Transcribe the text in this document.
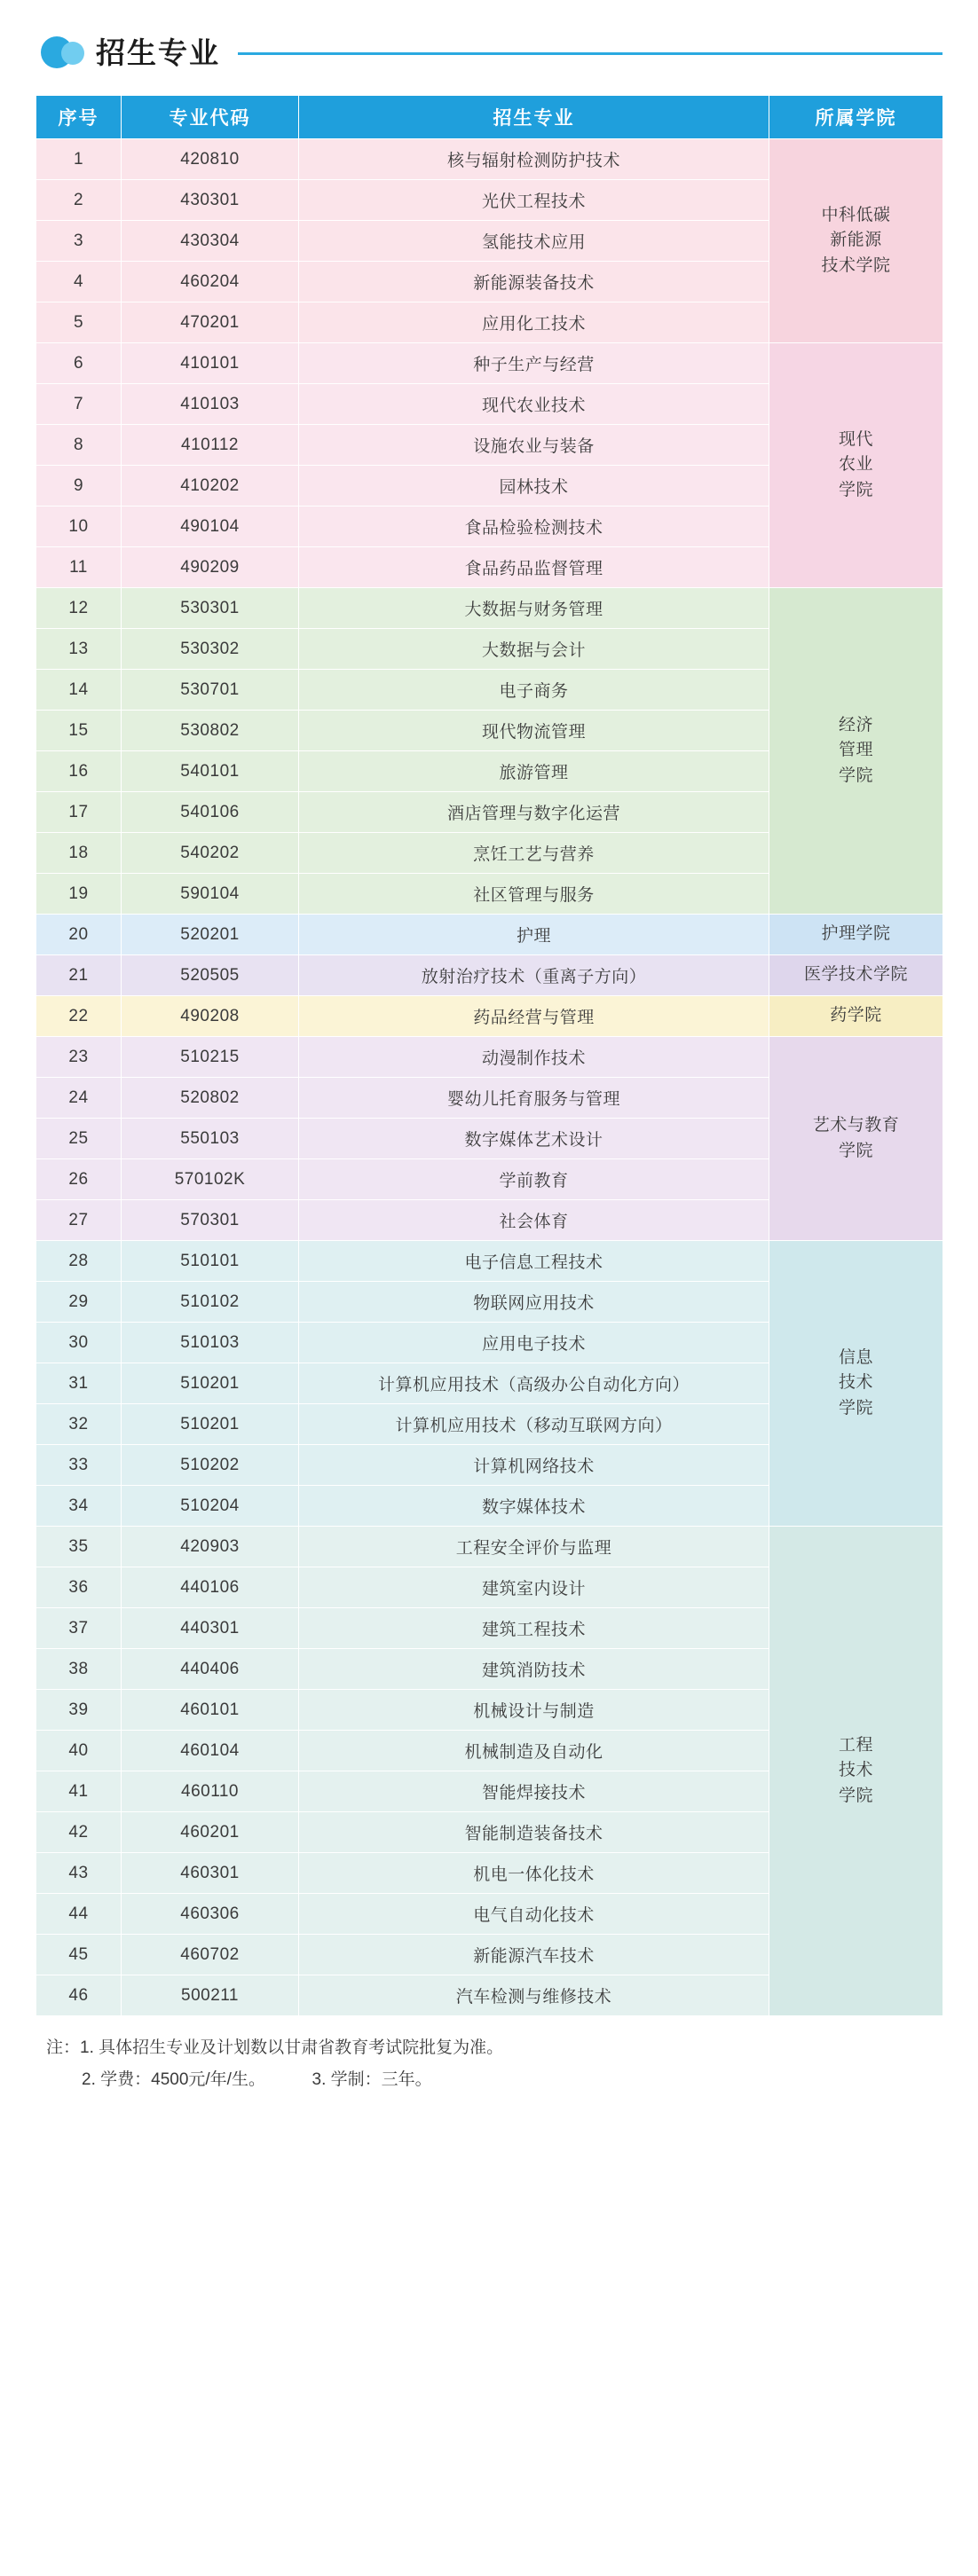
招生专业
序号	专业代码	招生专业	所属学院
1	420810	核与辐射检测防护技术	中科低碳
新能源
技术学院
2	430301	光伏工程技术	
3	430304	氢能技术应用	
4	460204	新能源装备技术	
5	470201	应用化工技术	
6	410101	种子生产与经营	现代
农业
学院
7	410103	现代农业技术	
8	410112	设施农业与装备	
9	410202	园林技术	
10	490104	食品检验检测技术	
11	490209	食品药品监督管理	
12	530301	大数据与财务管理	经济
管理
学院
13	530302	大数据与会计	
14	530701	电子商务	
15	530802	现代物流管理	
16	540101	旅游管理	
17	540106	酒店管理与数字化运营	
18	540202	烹饪工艺与营养	
19	590104	社区管理与服务	
20	520201	护理	护理学院
21	520505	放射治疗技术（重离子方向）	医学技术学院
22	490208	药品经营与管理	药学院
23	510215	动漫制作技术	艺术与教育
学院
24	520802	婴幼儿托育服务与管理	
25	550103	数字媒体艺术设计	
26	570102K	学前教育	
27	570301	社会体育	
28	510101	电子信息工程技术	信息
技术
学院
29	510102	物联网应用技术	
30	510103	应用电子技术	
31	510201	计算机应用技术（高级办公自动化方向）	
32	510201	计算机应用技术（移动互联网方向）	
33	510202	计算机网络技术	
34	510204	数字媒体技术	
35	420903	工程安全评价与监理	工程
技术
学院
36	440106	建筑室内设计	
37	440301	建筑工程技术	
38	440406	建筑消防技术	
39	460101	机械设计与制造	
40	460104	机械制造及自动化	
41	460110	智能焊接技术	
42	460201	智能制造装备技术	
43	460301	机电一体化技术	
44	460306	电气自动化技术	
45	460702	新能源汽车技术	
46	500211	汽车检测与维修技术	
注：1. 具体招生专业及计划数以甘肃省教育考试院批复为准。
2. 学费：4500元/年/生。	3. 学制：三年。
